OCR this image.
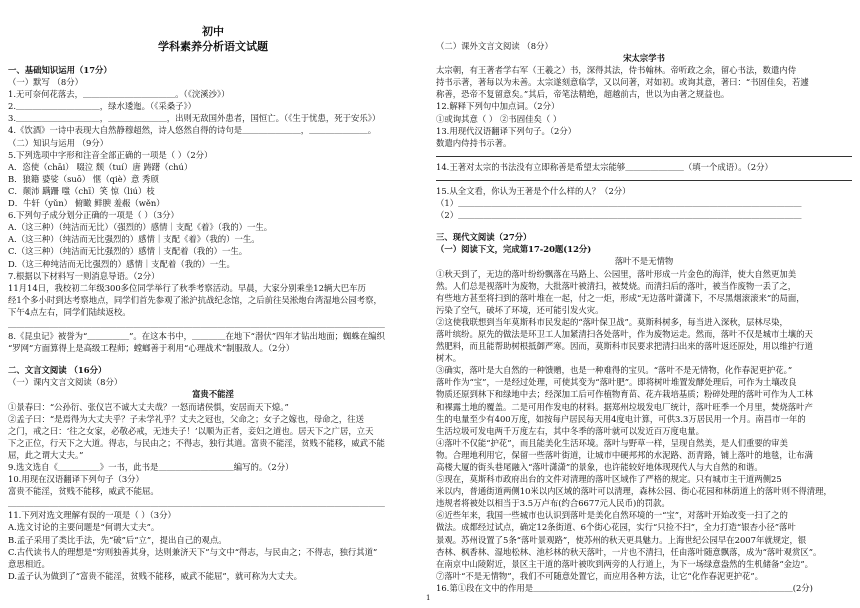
初中
学科素养分析语文试题
一、基础知识运用（17分）
（一）默写 （8分）
1.无可奈何花落去，＿＿＿＿＿＿＿＿＿＿＿。（《浣溪沙》）
2.＿＿＿＿＿＿＿＿＿＿，绿水逶迤。（《采桑子》）
3.＿＿＿＿＿＿＿＿＿＿，＿＿＿＿＿＿＿，出则无敌国外患者，国恒亡。（《生于忧患，死于安乐》）
4.《饮酒》一诗中表现大自然静穆超然，诗人悠然自得的诗句是＿＿＿＿＿＿＿，＿＿＿＿＿＿＿。
（二）知识与运用 （9分）
5.下列选项中字形和注音全部正确的一项是（ ）（2分）
A．恣使（chāi） 啜泣 颓（tuí）唐 踌躇（chú）
B．狼籍 婆娑（suō） 惬（qiè）意 秀颀
C．颠沛 蹒跚 嗤（chī）笑 惊（liú）枝
D．牛轩（yǔn） 俯瞰 鲜腴 羞赧（wěn）
6.下列句子成分划分正确的一项是（ ）（3分）
A.（这三种）（纯洁而无比）（强烈的）感情｜支配《着》（我的）一生。
A.（这三种）（纯洁而无比强烈的）感情｜支配《着》（我的）一生。
C.（这三种）（纯洁而无比强烈的）感情｜支配着（我的）一生。
D.（这三种纯洁而无比强烈的）感情｜支配着（我的）一生。
7.根据以下材料写一则消息导语。（2分）
11月14日，我校初二年级300多位同学举行了秋季考察活动。早晨，大家分别乘坐12辆大巴车历
经1个多小时到达考察地点，同学们首先参观了淞沪抗战纪念馆，之后前往吴淞炮台湾湿地公园考察，
下午4点左右，同学们陆续返校。
＿＿＿＿＿＿＿＿＿＿＿＿＿＿＿＿＿＿＿＿＿＿＿＿＿＿＿＿＿＿＿＿＿＿＿＿＿＿＿＿＿＿＿＿＿
8.《昆虫记》被誉为“＿＿＿＿＿”。在这本书中，＿＿＿＿在地下“潜伏”四年才钻出地面；蜘蛛在编织
“罗网”方面算得上是高级工程师；螳螂善于利用“心理战术”制服敌人。（2分）
二、文言文阅读 （16分）
（一）课内文言文阅读（8分）
富贵不能淫
①景春曰：“公孙衍、张仪岂不诚大丈夫哉？一怒而诸侯惧，安居而天下熄。”
②孟子曰：“是焉得为大丈夫乎？子未学礼乎？丈夫之冠也，父命之；女子之嫁也，母命之，往送
之门，戒之曰：‘往之女家，必敬必戒，无违夫子！’以顺为正者，妾妇之道也。居天下之广居，立天
下之正位，行天下之大道。得志，与民由之；不得志，独行其道。富贵不能淫，贫贱不能移，威武不能
屈，此之谓大丈夫。”
9.选文选自《＿＿＿＿＿》一书，此书是＿＿＿＿＿＿＿＿＿编写的。（2分）
10.用现在汉语翻译下列句子（3分）
富贵不能淫，贫贱不能移，威武不能屈。
＿＿＿＿＿＿＿＿＿＿＿＿＿＿＿＿＿＿＿＿＿＿＿＿＿＿＿＿＿＿＿＿＿＿＿＿＿＿＿＿＿＿＿＿＿
11.下列对选文理解有误的一项是（ ）（3分）
A.选文讨论的主要问题是“何谓大丈夫”。
B.孟子采用了类比手法，先“破”后“立”，提出自己的观点。
C.古代读书人的理想是“穷则独善其身，达则兼济天下”与文中“得志，与民由之；不得志，独行其道”
意思相近。
D.孟子认为做到了“富贵不能淫，贫贱不能移，威武不能屈”，就可称为大丈夫。
（二）课外文言文阅读 （8分）
宋太宗学书
太宗朝，有王著者学右军（王羲之）书，深得其法，侍书翰林。帝听政之余，留心书法，数遣内侍
持书示著，著每以为未善。太宗遂刻意临学，又以问著，对如初。或询其意，著曰：“书固佳矣，若遽
称善，恐帝不复留意矣。”其后，帝笔法精绝，超越前古，世以为由著之规益也。
12.解释下列句中加点词。（2分）
①或询其意（ ） ②书固佳矣（ ）
13.用现代汉语翻译下列句子。（2分）
数遣内侍持书示著。
14.王著对太宗的书法没有立即称善是希望太宗能够＿＿＿＿＿＿＿（填一个成语）。（2分）
15.从全文看，你认为王著是个什么样的人？（2分）
（1）＿＿＿＿＿＿＿＿＿＿＿＿＿＿＿＿＿＿＿＿＿＿＿＿＿＿＿＿＿＿＿＿＿＿＿＿＿＿＿＿＿
（2）＿＿＿＿＿＿＿＿＿＿＿＿＿＿＿＿＿＿＿＿＿＿＿＿＿＿＿＿＿＿＿＿＿＿＿＿＿＿＿＿＿
三、现代文阅读（27分）
（一）阅读下文，完成第17-20题(12分)
落叶不是无情物
①秋天到了，无边的落叶纷纷飘落在马路上、公园里，落叶形成一片金色的海洋，使大自然更加美
然。人们总是视落叶为废物，大批落叶被清扫，被焚烧。而清扫后的落叶，被当作废物一丢了之，
有些地方甚至将扫到的落叶堆在一起，付之一炬，形成“无边落叶潇潇下，不尽黑烟滚滚来”的局面，
污染了空气，破坏了环境，还可能引发火灾。
②这使我联想到当年莫斯科市民发起的“落叶保卫战”。莫斯科树多，每当进入深秋，层林尽染，
落叶缤纷。原先的做法是环卫工人加紧清扫各处落叶，作为废物运走。然而，落叶不仅是城市土壤的天
然肥料，而且能帮助树根抵御严寒。因而，莫斯科市民要求把清扫出来的落叶返还原处，用以维护行道
树木。
③确实，落叶是大自然的一种馈赠，也是一种难得的宝贝。“落叶不是无情物，化作春泥更护花。”
落叶作为“宝”，一是经过处理，可使其变为“落叶肥”。即将树叶堆置发酵处理后，可作为土壤改良
物质还原到林下和绿地中去；经深加工后可作植物育苗、花卉栽培基质；粉碎处理的落叶可作为人工林
和裸露土地的覆盖。二是可用作发电的材料。据郑州垃圾发电厂统计，落叶旺季一个月里，焚烧落叶产
生的电量至少有400万度，如按每户居民每天用4度电计算，可供3.3万居民用一个月。南昌市一年的
生活垃圾可发电两千万度左右，其中冬季的落叶就可以发近百万度电量。
④落叶不仅能“护花”，而且能美化生活环境。落叶与野草一样，呈现自然美，是人们重要的审美
物。合理地利用它，保留一些落叶街道，让城市中硬邦邦的水泥路、沥青路，铺上落叶的地毯，让布满
高楼大厦的街头巷尾融入“落叶潇潇”的景象，也许能较好地体现现代人与大自然的和谐。
⑤现在，莫斯科市政府出台的文件对清理的落叶区域作了严格的规定。只有城市主干道两侧25
米以内，普通街道两侧10米以内区域的落叶可以清理，森林公园、街心花园和林荫道上的落叶则不得清理，
违规者将被处以相当于3.5万卢布(约合6677元人民币)的罚款。
⑥近些年来，我国一些城市也认识到落叶是美化自然环境的一“宝”，对落叶开始改变一扫了之的
做法。成都经过试点，确定12条街道、6个街心花园，实行“只捡不扫”，全力打造“银杏小径”落叶
景观。苏州设置了5条“落叶景观路”，使苏州的秋天更具魅力。上海世纪公园早在2007年就规定，银
杏林、枫香林、湿地松林、池杉林的秋天落叶，一片也不清扫，任由落叶随意飘落，成为“落叶观赏区”。
在南京中山陵附近，景区主干道的落叶被吹到两旁的人行道上，为下一场绿意盎然的生机储备“金边”。
⑦落叶“不是无情物”，我们不可随意处置它，而应用各种方法，让它“化作春泥更护花”。
16.第①段在文中的作用是＿＿＿＿＿＿＿＿＿＿＿＿＿＿＿＿＿＿＿＿＿＿＿＿＿＿＿＿＿＿＿(2分)
1
